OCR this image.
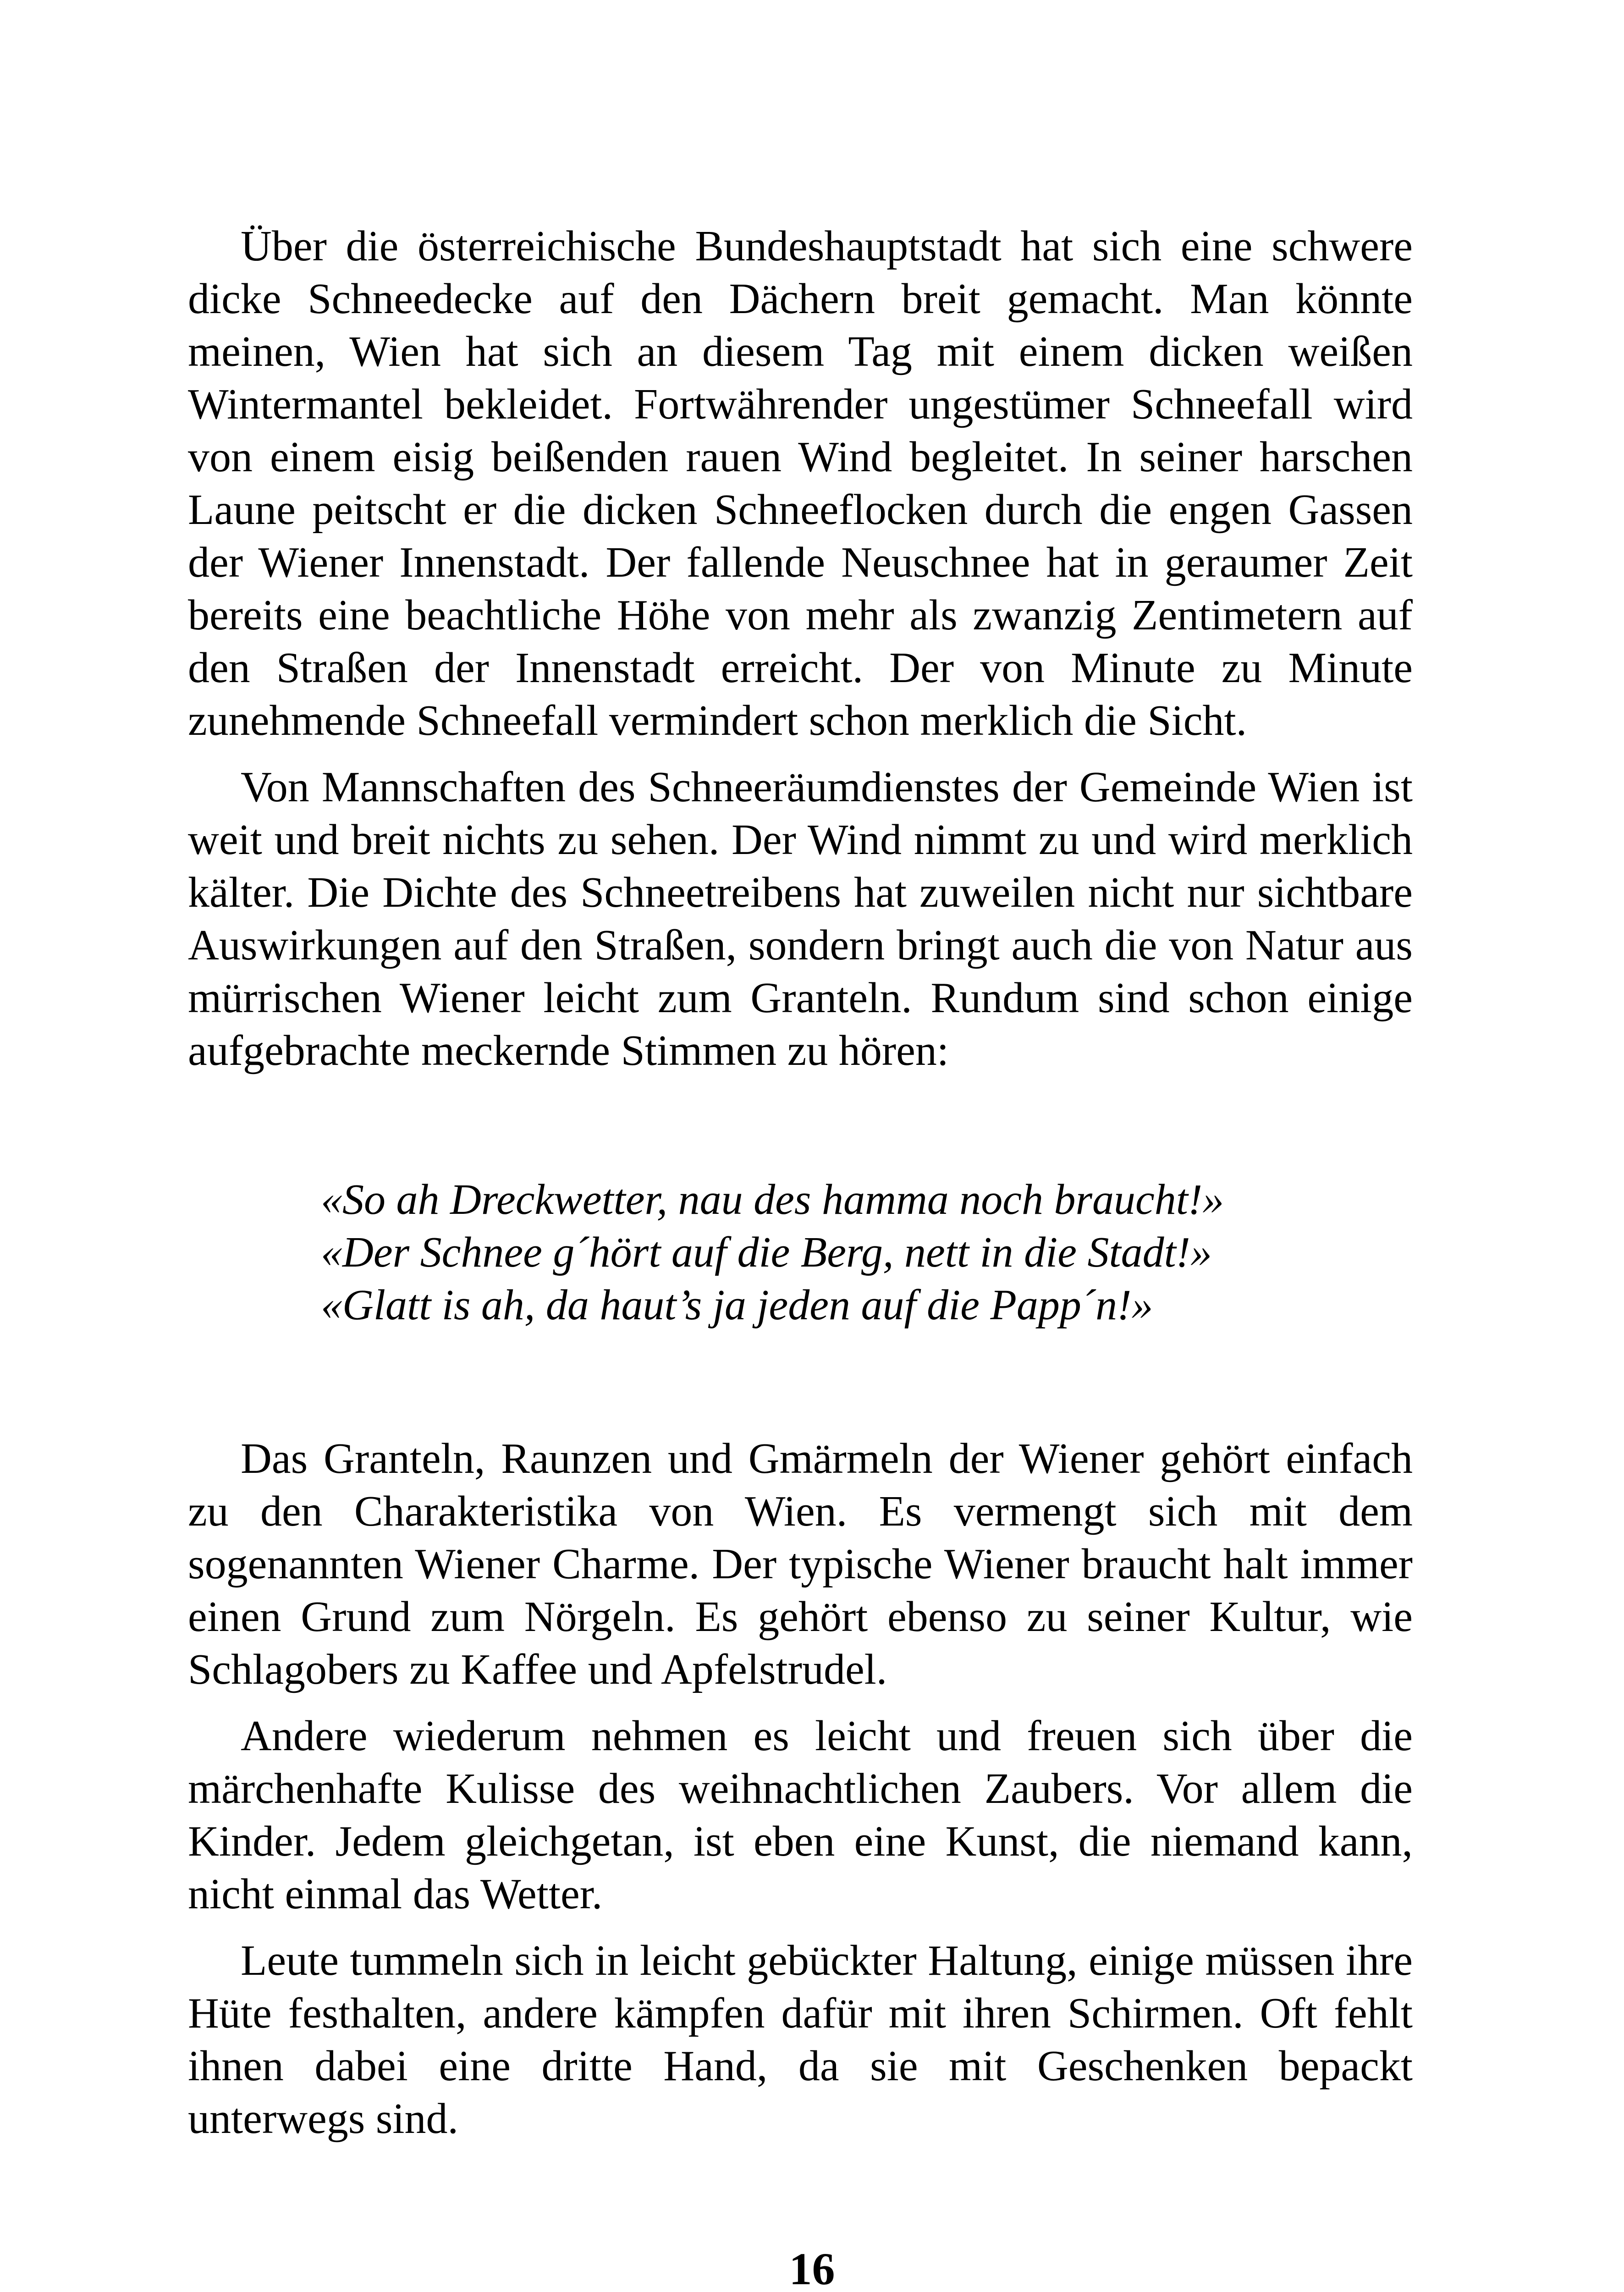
Über die österreichische Bundeshauptstadt hat sich eine schwere dicke Schneedecke auf den Dächern breit gemacht. Man könnte meinen, Wien hat sich an diesem Tag mit einem dicken weißen Wintermantel bekleidet. Fortwährender ungestümer Schneefall wird von einem eisig beißenden rauen Wind begleitet. In seiner harschen Laune peitscht er die dicken Schneeflocken durch die engen Gassen der Wiener Innenstadt. Der fallende Neuschnee hat in geraumer Zeit bereits eine beachtliche Höhe von mehr als zwanzig Zentimetern auf den Straßen der Innenstadt erreicht. Der von Minute zu Minute zunehmende Schneefall vermindert schon merklich die Sicht.

Von Mannschaften des Schneeräumdienstes der Gemeinde Wien ist weit und breit nichts zu sehen. Der Wind nimmt zu und wird merklich kälter. Die Dichte des Schneetreibens hat zuweilen nicht nur sichtbare Auswirkungen auf den Straßen, sondern bringt auch die von Natur aus mürrischen Wiener leicht zum Granteln. Rundum sind schon einige aufgebrachte meckernde Stimmen zu hören:

«So ah Dreckwetter, nau des hamma noch braucht!»
«Der Schnee g´hört auf die Berg, nett in die Stadt!»
«Glatt is ah, da haut’s ja jeden auf die Papp´n!»

Das Granteln, Raunzen und Gmärmeln der Wiener gehört einfach zu den Charakteristika von Wien. Es vermengt sich mit dem sogenannten Wiener Charme. Der typische Wiener braucht halt immer einen Grund zum Nörgeln. Es gehört ebenso zu seiner Kultur, wie Schlagobers zu Kaffee und Apfelstrudel.

Andere wiederum nehmen es leicht und freuen sich über die märchenhafte Kulisse des weihnachtlichen Zaubers. Vor allem die Kinder. Jedem gleichgetan, ist eben eine Kunst, die niemand kann, nicht einmal das Wetter.

Leute tummeln sich in leicht gebückter Haltung, einige müssen ihre Hüte festhalten, andere kämpfen dafür mit ihren Schirmen. Oft fehlt ihnen dabei eine dritte Hand, da sie mit Geschenken bepackt unterwegs sind.

16
